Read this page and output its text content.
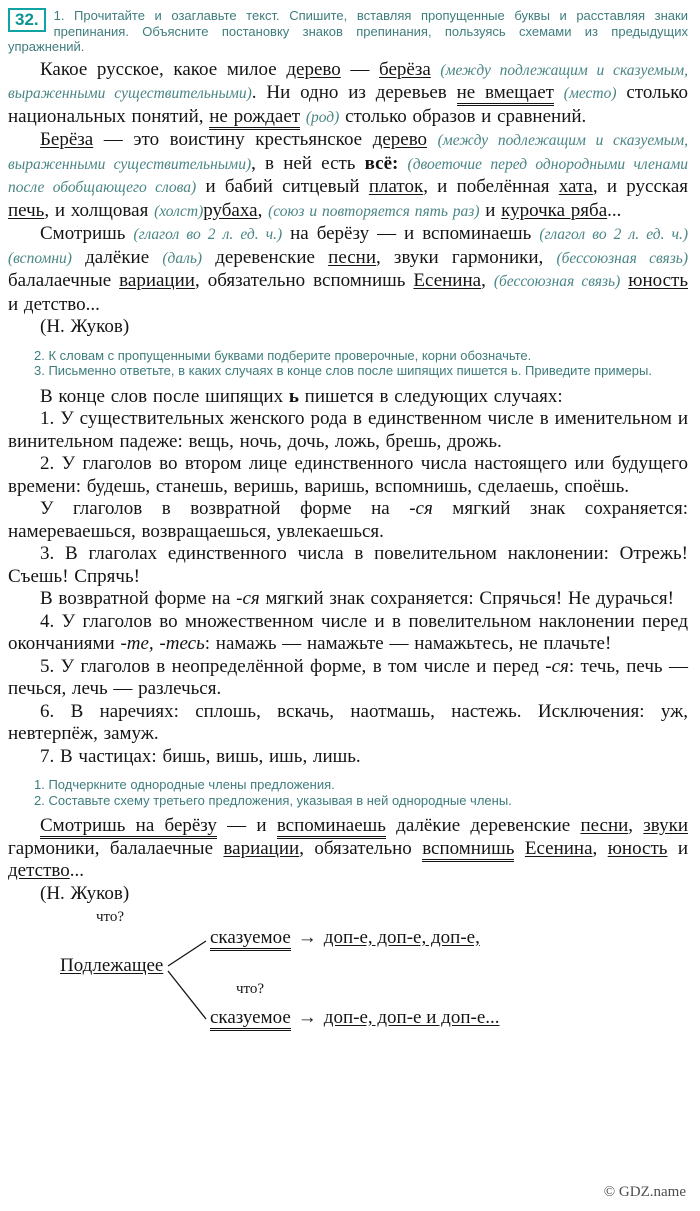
32.	1. Прочитайте и озаглавьте текст. Спишите, вставляя пропущенные буквы и расставляя знаки препинания. Объясните постановку знаков препинания, пользуясь схемами из предыдущих упражнений.

Какое русское, какое милое дерево — берёза (между подлежащим и сказуемым, выраженными существительными). Ни одно из деревьев не вмещает (место) столько национальных понятий, не рождает (род) столько образов и сравнений.

Берёза — это воистину крестьянское дерево (между подлежащим и сказуемым, выраженными существительными), в ней есть всё: (двоеточие перед однородными членами после обобщающего слова) и бабий ситцевый платок, и побелённая хата, и русская печь, и холщовая (холст)рубаха, (союз и повторяется пять раз) и курочка ряба...

Смотришь (глагол во 2 л. ед. ч.) на берёзу — и вспоминаешь (глагол во 2 л. ед. ч.)(вспомни) далёкие (даль) деревенские песни, звуки гармоники, (бессоюзная связь) балалаечные вариации, обязательно вспомнишь Есенина, (бессоюзная связь) юность и детство...

(Н. Жуков)

2. К словам с пропущенными буквами подберите проверочные, корни обозначьте.

3. Письменно ответьте, в каких случаях в конце слов после шипящих пишется ь. Приведите примеры.

В конце слов после шипящих ь пишется в следующих случаях:

1. У существительных женского рода в единственном числе в именительном и винительном падеже: вещь, ночь, дочь, ложь, брешь, дрожь.

2. У глаголов во втором лице единственного числа настоящего или будущего времени: будешь, станешь, веришь, варишь, вспомнишь, сделаешь, споёшь.

У глаголов в возвратной форме на -ся мягкий знак сохраняется: намереваешься, возвращаешься, увлекаешься.

3. В глаголах единственного числа в повелительном наклонении: Отрежь! Съешь! Спрячь!

В возвратной форме на -ся мягкий знак сохраняется: Спрячься! Не дурачься!

4. У глаголов во множественном числе и в повелительном наклонении перед окончаниями -те, -тесь: намажь — намажьте — намажьтесь, не плачьте!

5. У глаголов в неопределённой форме, в том числе и перед -ся: течь, печь — печься, лечь — разлечься.

6. В наречиях: сплошь, вскачь, наотмашь, настежь. Исключения: уж, невтерпёж, замуж.

7. В частицах: бишь, вишь, ишь, лишь.

1. Подчеркните однородные члены предложения.

2. Составьте схему третьего предложения, указывая в ней однородные члены.

Смотришь на берёзу — и вспоминаешь далёкие деревенские песни, звуки гармоники, балалаечные вариации, обязательно вспомнишь Есенина, юность и детство...

(Н. Жуков)

что?
сказуемое → доп-е, доп-е, доп-е,
Подлежащее
что?
сказуемое → доп-е, доп-е и доп-е...
© GDZ.name
